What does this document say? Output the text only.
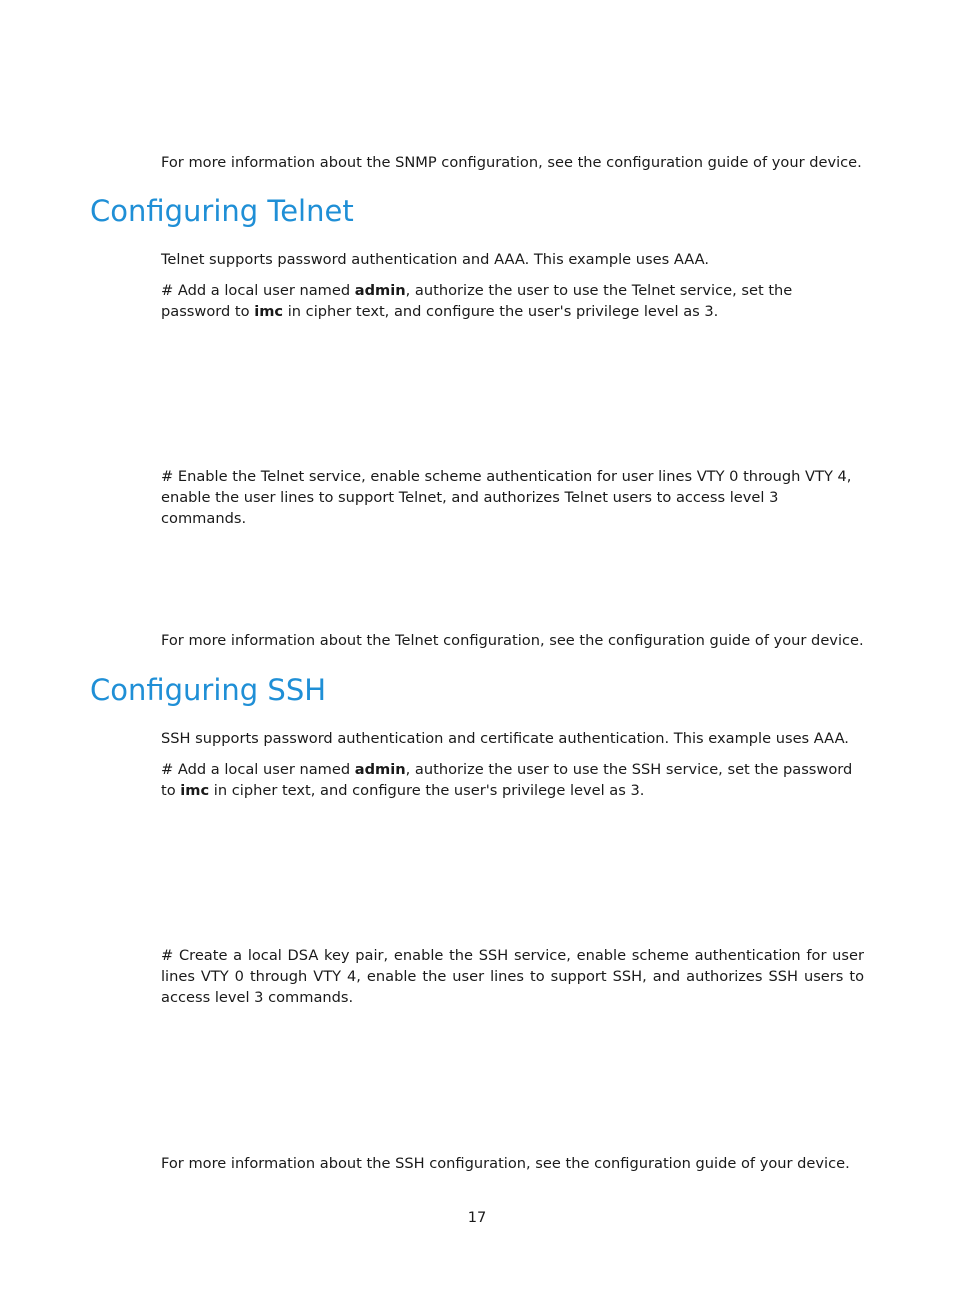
For more information about the SNMP configuration, see the configuration guide of your device.

Configuring Telnet

Telnet supports password authentication and AAA. This example uses AAA.

# Add a local user named admin, authorize the user to use the Telnet service, set the password to imc in cipher text, and configure the user's privilege level as 3.

# Enable the Telnet service, enable scheme authentication for user lines VTY 0 through VTY 4, enable the user lines to support Telnet, and authorizes Telnet users to access level 3 commands.

For more information about the Telnet configuration, see the configuration guide of your device.

Configuring SSH

SSH supports password authentication and certificate authentication. This example uses AAA.

# Add a local user named admin, authorize the user to use the SSH service, set the password to imc in cipher text, and configure the user's privilege level as 3.

# Create a local DSA key pair, enable the SSH service, enable scheme authentication for user lines VTY 0 through VTY 4, enable the user lines to support SSH, and authorizes SSH users to access level 3 commands.

For more information about the SSH configuration, see the configuration guide of your device.

17
